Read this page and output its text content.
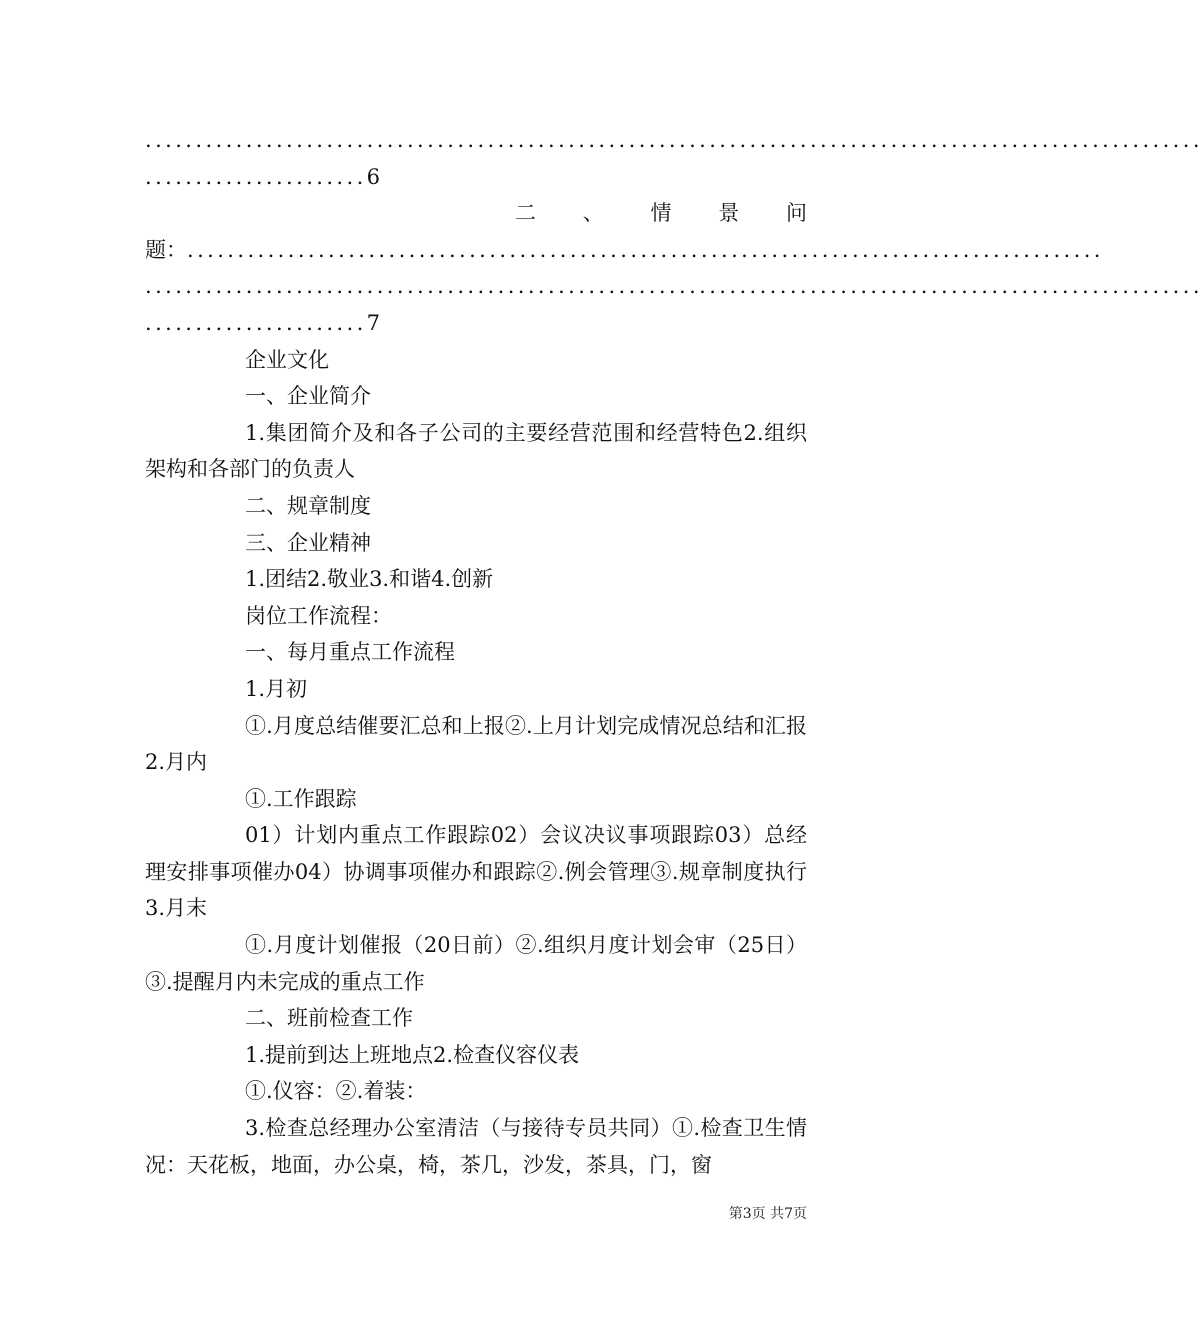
.........................................................................................................
......................6
二 、 情 景 问
题：...........................................................................................
.........................................................................................................
......................7

企业文化

一、企业简介

1.集团简介及和各子公司的主要经营范围和经营特色2.组织架构和各部门的负责人

二、规章制度

三、企业精神

1.团结2.敬业3.和谐4.创新

岗位工作流程：

一、每月重点工作流程

1.月初

①.月度总结催要汇总和上报②.上月计划完成情况总结和汇报2.月内

①.工作跟踪

01）计划内重点工作跟踪02）会议决议事项跟踪03）总经理安排事项催办04）协调事项催办和跟踪②.例会管理③.规章制度执行3.月末

①.月度计划催报（20日前）②.组织月度计划会审（25日）③.提醒月内未完成的重点工作

二、班前检查工作

1.提前到达上班地点2.检查仪容仪表

①.仪容：②.着装：

3.检查总经理办公室清洁（与接待专员共同）①.检查卫生情况：天花板，地面，办公桌，椅，茶几，沙发，茶具，门，窗

第3页 共7页
